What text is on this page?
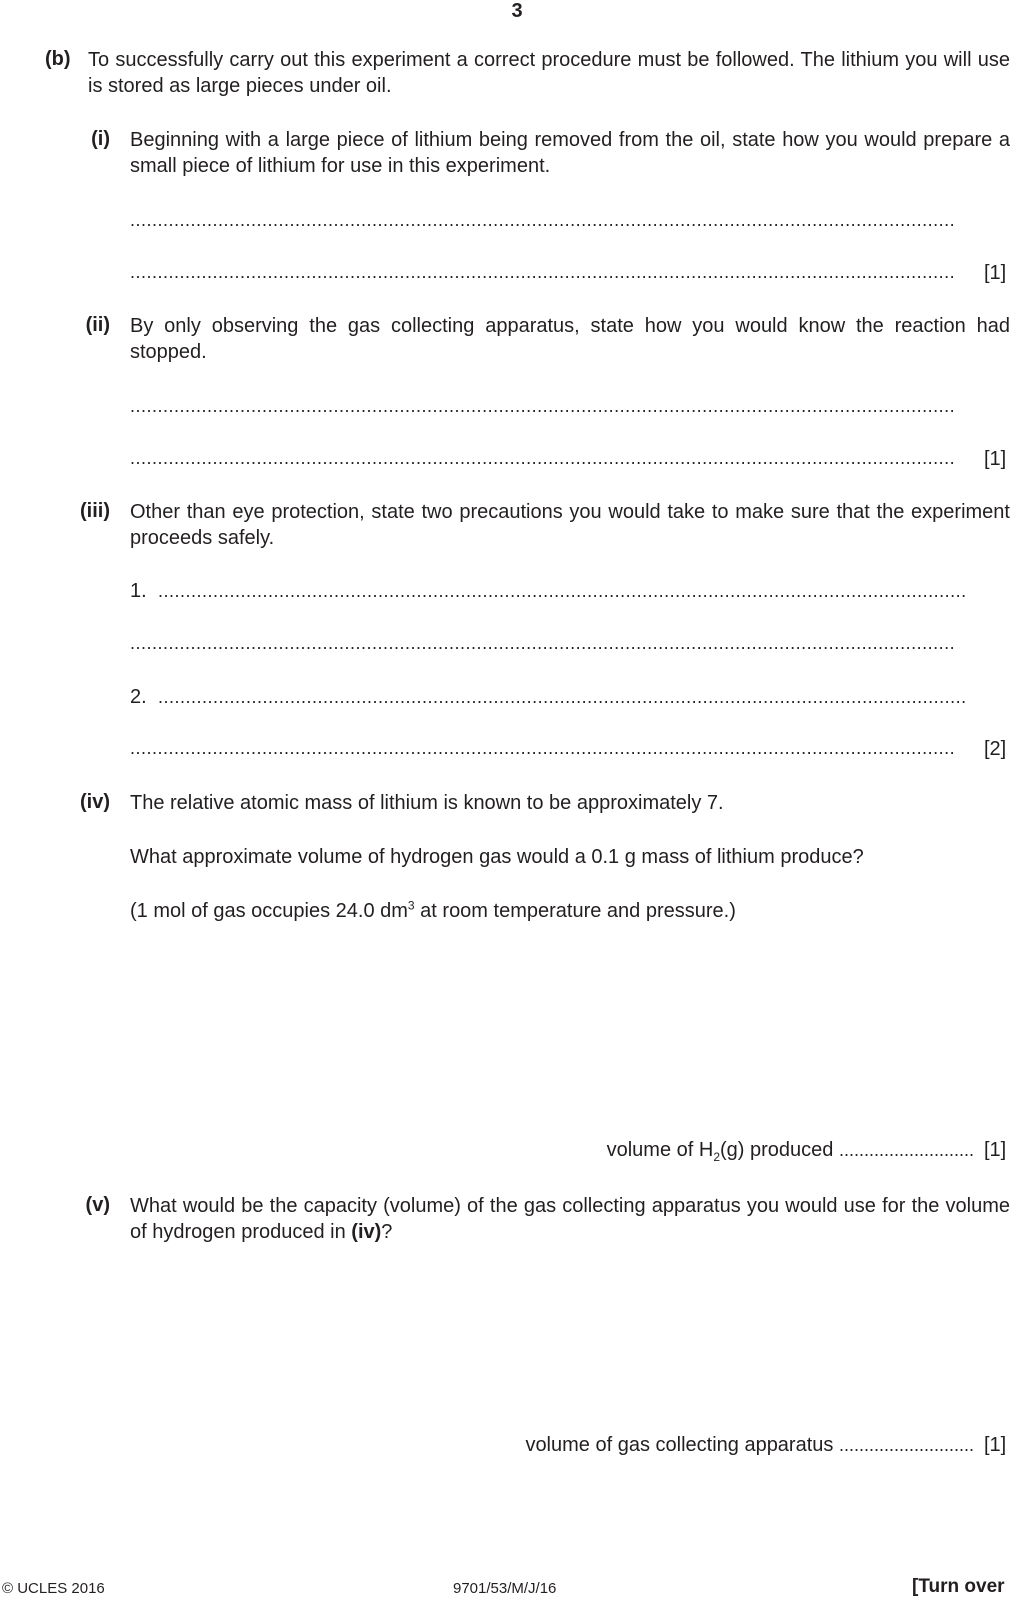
3
(b) To successfully carry out this experiment a correct procedure must be followed. The lithium you will use is stored as large pieces under oil.
(i) Beginning with a large piece of lithium being removed from the oil, state how you would prepare a small piece of lithium for use in this experiment.
......................................................................................................................................................
......................................................................................................................................................	[1]
(ii) By only observing the gas collecting apparatus, state how you would know the reaction had stopped.
......................................................................................................................................................
......................................................................................................................................................	[1]
(iii) Other than eye protection, state two precautions you would take to make sure that the experiment proceeds safely.
1. ...................................................................................................................................................
......................................................................................................................................................
2. ...................................................................................................................................................
......................................................................................................................................................	[2]
(iv) The relative atomic mass of lithium is known to be approximately 7.
What approximate volume of hydrogen gas would a 0.1 g mass of lithium produce?
(1 mol of gas occupies 24.0 $dm^3$ at room temperature and pressure.)
volume of $H_2(g)$ produced ........................... [1]
(v) What would be the capacity (volume) of the gas collecting apparatus you would use for the volume of hydrogen produced in (iv)?
volume of gas collecting apparatus ........................... [1]
© UCLES 2016	9701/53/M/J/16	[Turn over
